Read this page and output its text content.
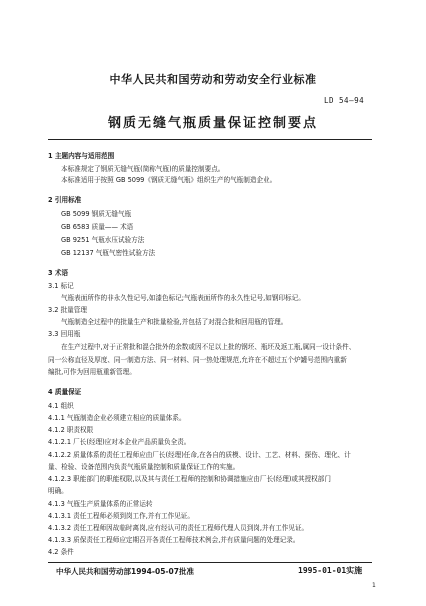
中华人民共和国劳动和劳动安全行业标准
LD 54—94
钢质无缝气瓶质量保证控制要点
1 主题内容与适用范围
本标准规定了钢质无缝气瓶(简称气瓶)的质量控制要点。
本标准适用于按照 GB 5099《钢质无缝气瓶》组织生产的气瓶制造企业。
2 引用标准
GB 5099 钢质无缝气瓶
GB 6583 质量—— 术语
GB 9251 气瓶水压试验方法
GB 12137 气瓶气密性试验方法
3 术语
3.1 标记
气瓶表面所作的非永久性记号,如漆色标记;气瓶表面所作的永久性记号,如钢印标记。
3.2 批量管理
气瓶制造全过程中的批量生产和批量检验,并包括了对混合批和回用瓶的管理。
3.3 回用瓶
在生产过程中,对于正常批和混合批外的余数或因不足以上批的钢坯、瓶坯及返工瓶,属同一设计条件、
同一公称直径及厚度、同一制造方法、同一材料、同一热处理规范,允许在不超过五个炉罐号范围内重新
编批,可作为回用瓶重新管理。
4 质量保证
4.1 组织
4.1.1 气瓶制造企业必须建立相应的质量体系。
4.1.2 职责权限
4.1.2.1 厂长(经理)应对本企业产品质量负全责。
4.1.2.2 质量体系的责任工程师应由厂长(经理)任命,在各自的质模、设计、工艺、材料、探伤、理化、计
量、检验、设备范围内负责气瓶质量控制和质量保证工作的实施。
4.1.2.3 职能部门的职能权限,以及其与责任工程师的控制和协调措施应由厂长(经理)或其授权部门
明确。
4.1.3 气瓶生产质量体系的正常运转
4.1.3.1 责任工程师必须到岗工作,并有工作见证。
4.1.3.2 责任工程师因故临时离岗,应有经认可的责任工程师代理人员到岗,并有工作见证。
4.1.3.3 质保责任工程师应定期召开各责任工程师技术例会,并有质量问题的处理记录。
4.2 条件
中华人民共和国劳动部1994-05-07批准	1995-01-01实施
1
